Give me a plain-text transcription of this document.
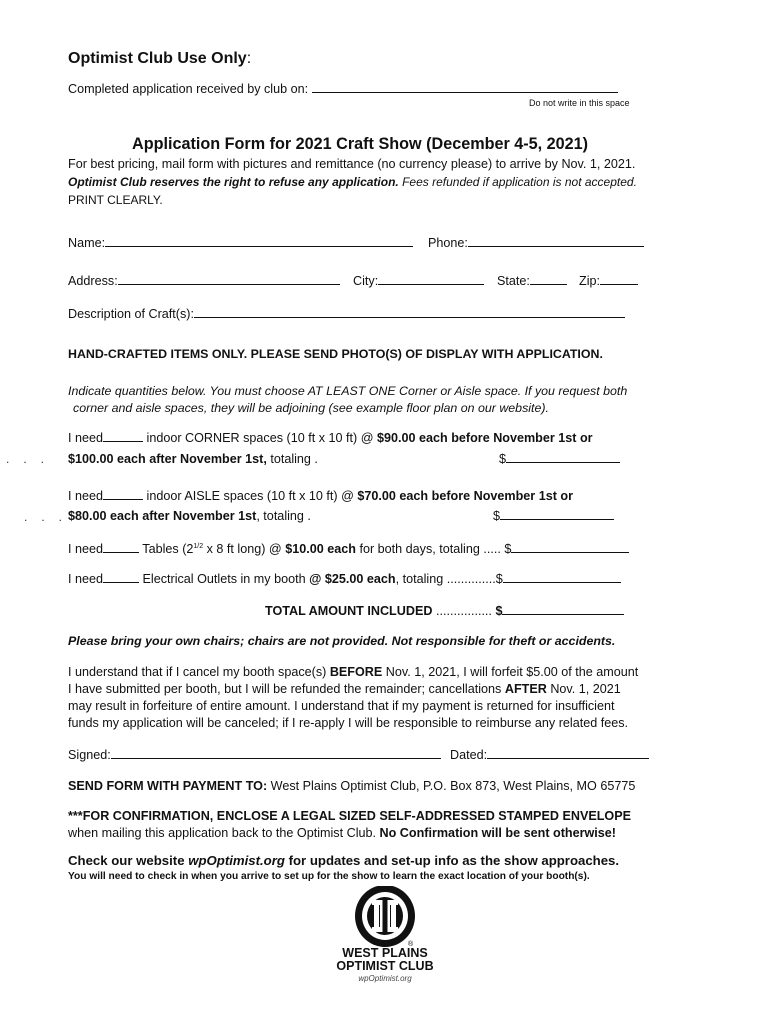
Optimist Club Use Only:
Completed application received by club on:
Do not write in this space
Application Form for 2021 Craft Show (December 4-5, 2021)
For best pricing, mail form with pictures and remittance (no currency please) to arrive by Nov. 1, 2021.
Optimist Club reserves the right to refuse any application. Fees refunded if application is not accepted.
PRINT CLEARLY.
Name:	Phone:
Address:	City:	State:	Zip:
Description of Craft(s):
HAND-CRAFTED ITEMS ONLY. PLEASE SEND PHOTO(S) OF DISPLAY WITH APPLICATION.
Indicate quantities below. You must choose AT LEAST ONE Corner or Aisle space. If you request both
corner and aisle spaces, they will be adjoining (see example floor plan on our website).
I need	indoor CORNER spaces (10 ft x 10 ft) @ $90.00 each before November 1st or
... $100.00 each after November 1st, totaling .	$
I need	indoor AISLE spaces (10 ft x 10 ft) @ $70.00 each before November 1st or
...
$80.00 each after November 1st, totaling .	$
I need	Tables ($2^{1/2}$ x 8 ft long) @ $10.00 each for both days, totaling ..... $
I need	Electrical Outlets in my booth @ $25.00 each, totaling ..............$
TOTAL AMOUNT INCLUDED ................ $
Please bring your own chairs; chairs are not provided. Not responsible for theft or accidents.
I understand that if I cancel my booth space(s) BEFORE Nov. 1, 2021, I will forfeit $5.00 of the amount
I have submitted per booth, but I will be refunded the remainder; cancellations AFTER Nov. 1, 2021
may result in forfeiture of entire amount. I understand that if my payment is returned for insufficient
funds my application will be canceled; if I re-apply I will be responsible to reimburse any related fees.
Signed:	Dated:
SEND FORM WITH PAYMENT TO: West Plains Optimist Club, P.O. Box 873, West Plains, MO 65775
***FOR CONFIRMATION, ENCLOSE A LEGAL SIZED SELF-ADDRESSED STAMPED ENVELOPE
when mailing this application back to the Optimist Club. No Confirmation will be sent otherwise!
Check our website wpOptimist.org for updates and set-up info as the show approaches.
You will need to check in when you arrive to set up for the show to learn the exact location of your booth(s).
®
WEST PLAINS
OPTIMIST CLUB
wpOptimist.org
